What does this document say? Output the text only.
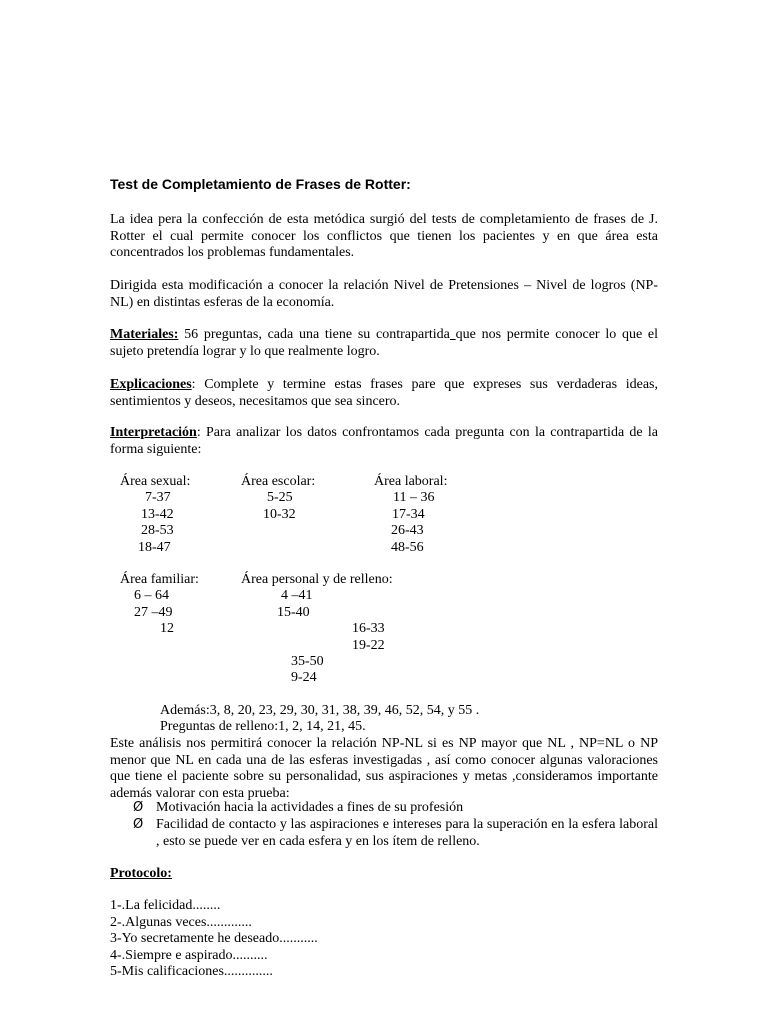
Test de Completamiento de Frases de Rotter:
La idea pera la confección de esta metódica surgió del tests de completamiento de frases de J. Rotter el cual permite conocer los conflictos que tienen los pacientes y en que área esta concentrados los problemas fundamentales.
Dirigida esta modificación a conocer la relación Nivel de Pretensiones – Nivel de logros (NP-NL) en distintas esferas de la economía.
Materiales: 56 preguntas, cada una tiene su contrapartida que nos permite conocer lo que el sujeto pretendía lograr y lo que realmente logro.
Explicaciones: Complete y termine estas frases pare que expreses sus verdaderas ideas, sentimientos y deseos, necesitamos que sea sincero.
Interpretación: Para analizar los datos confrontamos cada pregunta con la contrapartida de la forma siguiente:
Área sexual:
7-37
13-42
28-53
18-47
Área escolar:
5-25
10-32
Área laboral:
11 – 36
17-34
26-43
48-56
Área familiar:
6 – 64
27 –49
12
Área personal y de relleno:
4 –41
15-40
16-33
19-22
35-50
9-24
Además:3, 8, 20, 23, 29, 30, 31, 38, 39, 46, 52, 54, y 55 .
Preguntas de relleno:1, 2, 14, 21, 45.
Este análisis nos permitirá conocer la relación NP-NL si es NP mayor que NL , NP=NL o NP menor que NL en cada una de las esferas investigadas , así como conocer algunas valoraciones que tiene el paciente sobre su personalidad, sus aspiraciones y metas ,consideramos importante además valorar con esta prueba:
Ø Motivación hacia la actividades a fines de su profesión
Ø Facilidad de contacto y las aspiraciones e intereses para la superación en la esfera laboral , esto se puede ver en cada esfera y en los ítem de relleno.
Protocolo:
1-.La felicidad........
2-.Algunas veces.............
3-Yo secretamente he deseado...........
4-.Siempre e aspirado..........
5-Mis calificaciones..............
